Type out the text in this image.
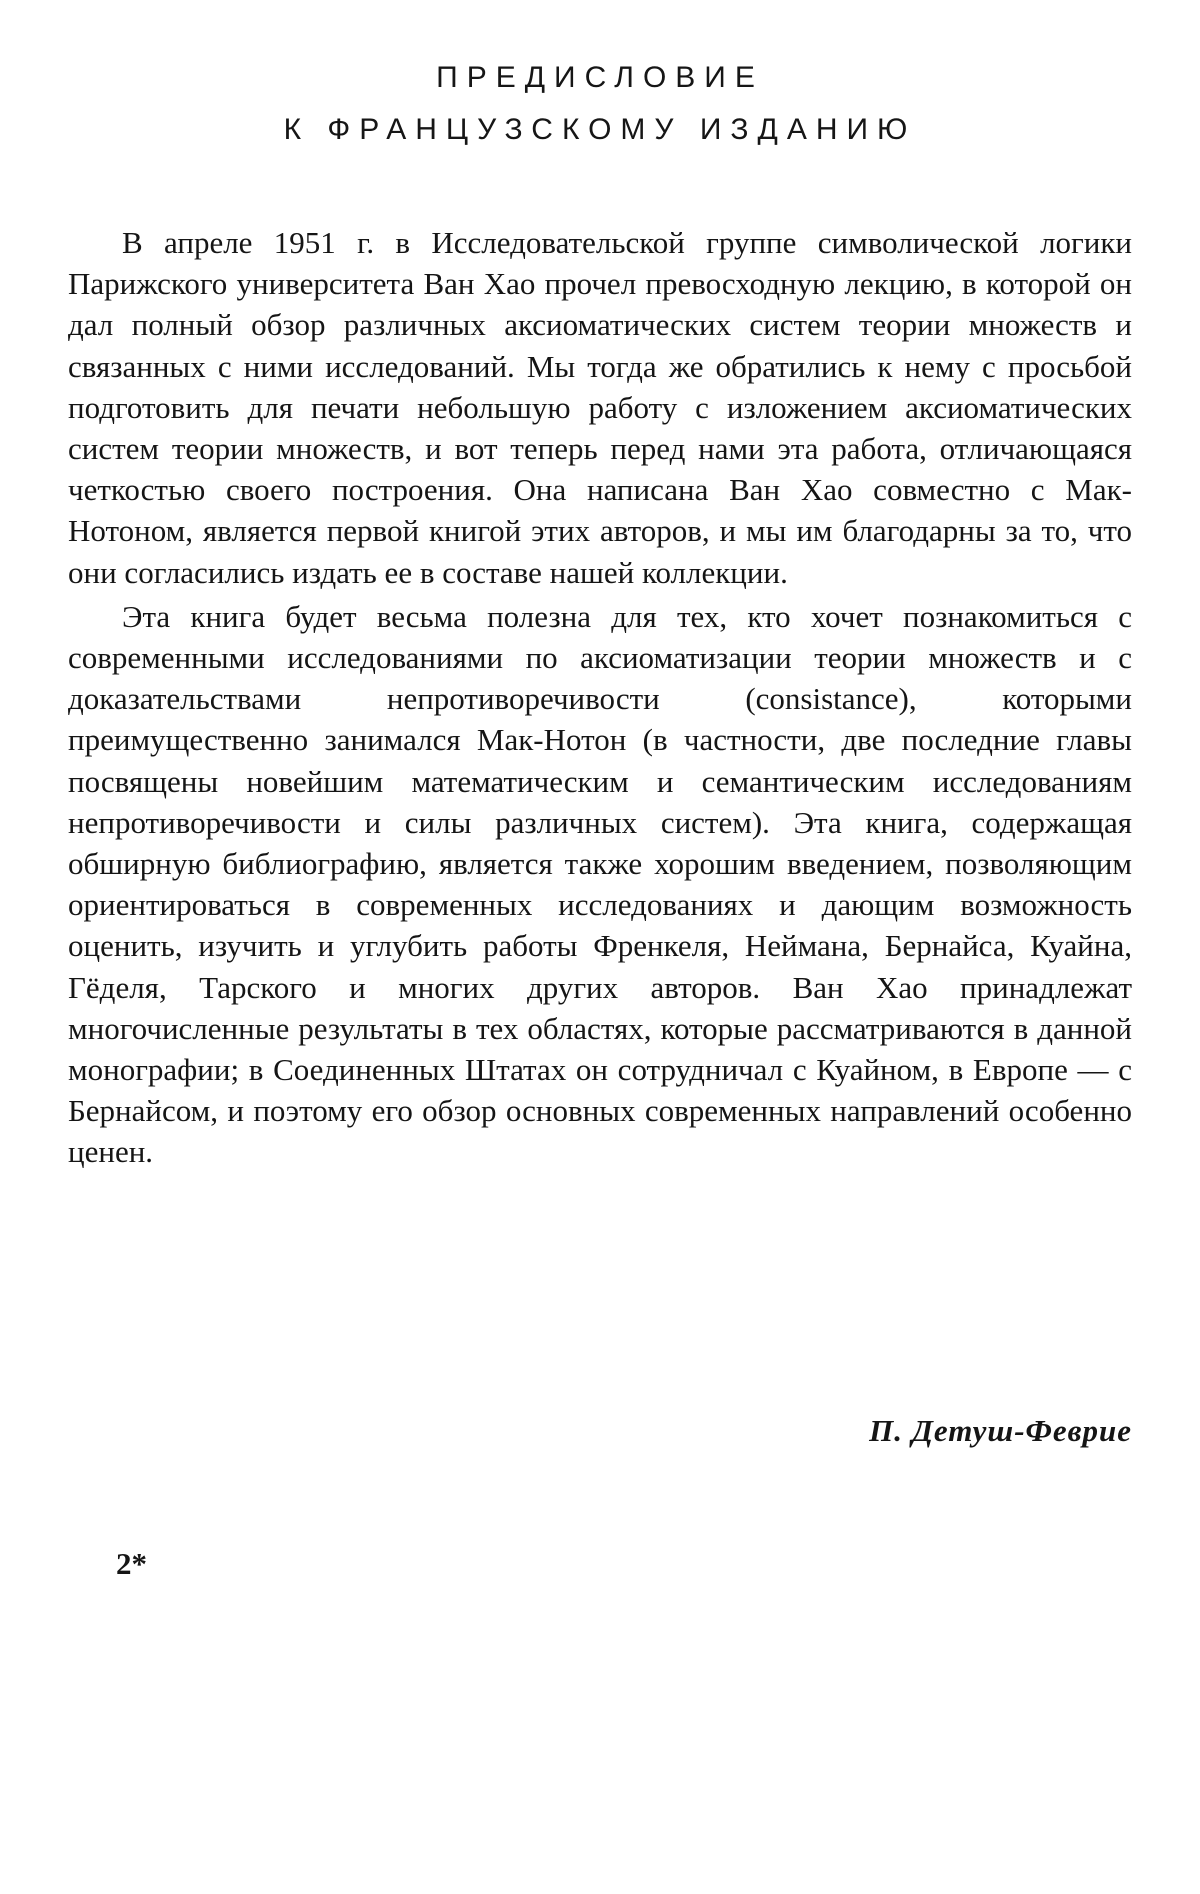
ПРЕДИСЛОВИЕ
К ФРАНЦУЗСКОМУ ИЗДАНИЮ

В апреле 1951 г. в Исследовательской группе символической логики Парижского университета Ван Хао прочел превосходную лекцию, в которой он дал полный обзор различных аксиоматических систем теории множеств и связанных с ними исследований. Мы тогда же обратились к нему с просьбой подготовить для печати небольшую работу с изложением аксиоматических систем теории множеств, и вот теперь перед нами эта работа, отличающаяся четкостью своего построения. Она написана Ван Хао совместно с Мак-Нотоном, является первой книгой этих авторов, и мы им благодарны за то, что они согласились издать ее в составе нашей коллекции.

Эта книга будет весьма полезна для тех, кто хочет познакомиться с современными исследованиями по аксиоматизации теории множеств и с доказательствами непротиворечивости (consistance), которыми преимущественно занимался Мак-Нотон (в частности, две последние главы посвящены новейшим математическим и семантическим исследованиям непротиворечивости и силы различных систем). Эта книга, содержащая обширную библиографию, является также хорошим введением, позволяющим ориентироваться в современных исследованиях и дающим возможность оценить, изучить и углубить работы Френкеля, Неймана, Бернайса, Куайна, Гёделя, Тарского и многих других авторов. Ван Хао принадлежат многочисленные результаты в тех областях, которые рассматриваются в данной монографии; в Соединенных Штатах он сотрудничал с Куайном, в Европе — с Бернайсом, и поэтому его обзор основных современных направлений особенно ценен.

П. Детуш-Феврие
2*
